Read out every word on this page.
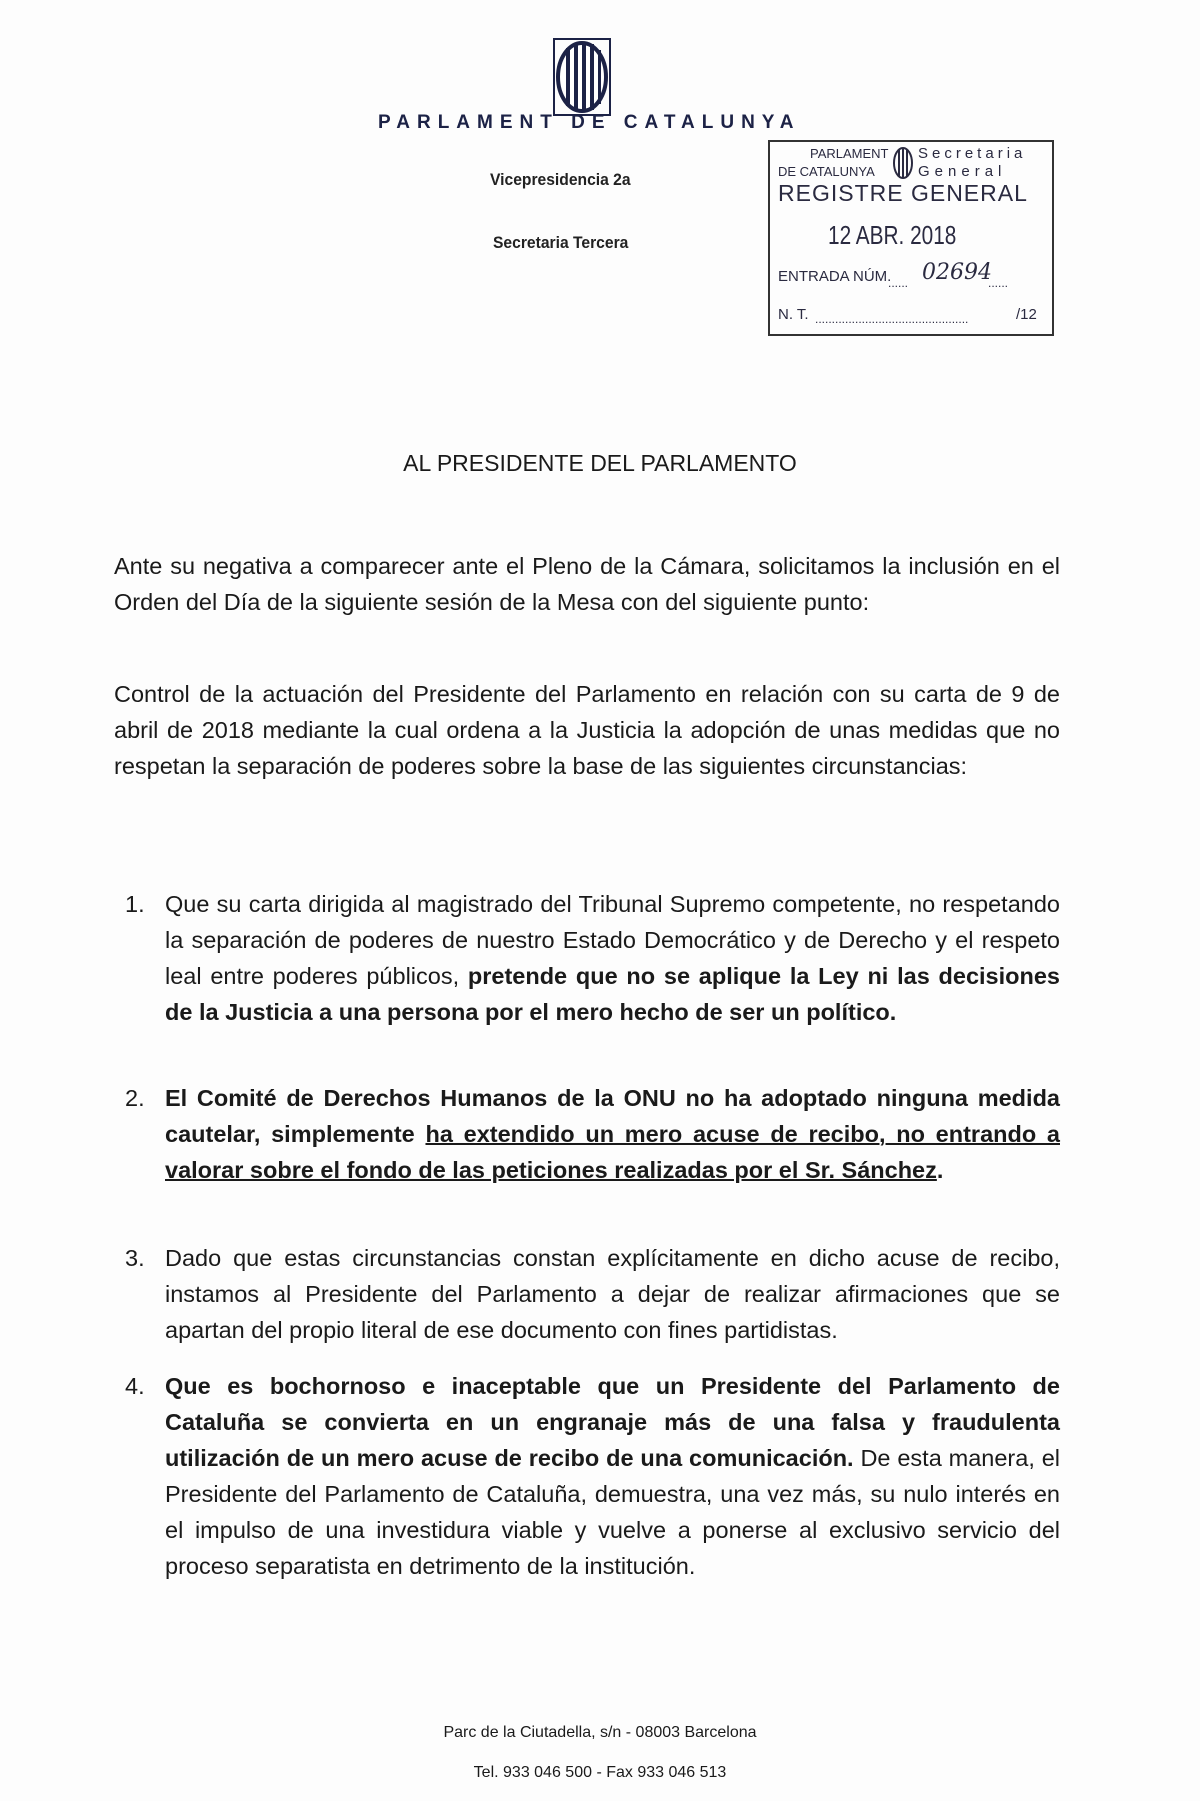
PARLAMENT DE CATALUNYA
Vicepresidencia 2a
Secretaria Tercera
PARLAMENT
DE CATALUNYA
Secretaria
General
REGISTRE GENERAL
12 ABR. 2018
ENTRADA NÚM.
...... 02694
......
N. T. ..............................................	/12
AL PRESIDENTE DEL PARLAMENTO
Ante su negativa a comparecer ante el Pleno de la Cámara, solicitamos la inclusión en el Orden del Día de la siguiente sesión de la Mesa con del siguiente punto:
Control de la actuación del Presidente del Parlamento en relación con su carta de 9 de abril de 2018 mediante la cual ordena a la Justicia la adopción de unas medidas que no respetan la separación de poderes sobre la base de las siguientes circunstancias:
1. Que su carta dirigida al magistrado del Tribunal Supremo competente, no respetando la separación de poderes de nuestro Estado Democrático y de Derecho y el respeto leal entre poderes públicos, pretende que no se aplique la Ley ni las decisiones de la Justicia a una persona por el mero hecho de ser un político.
2. El Comité de Derechos Humanos de la ONU no ha adoptado ninguna medida cautelar, simplemente ha extendido un mero acuse de recibo, no entrando a valorar sobre el fondo de las peticiones realizadas por el Sr. Sánchez.
3. Dado que estas circunstancias constan explícitamente en dicho acuse de recibo, instamos al Presidente del Parlamento a dejar de realizar afirmaciones que se apartan del propio literal de ese documento con fines partidistas.
4. Que es bochornoso e inaceptable que un Presidente del Parlamento de Cataluña se convierta en un engranaje más de una falsa y fraudulenta utilización de un mero acuse de recibo de una comunicación. De esta manera, el Presidente del Parlamento de Cataluña, demuestra, una vez más, su nulo interés en el impulso de una investidura viable y vuelve a ponerse al exclusivo servicio del proceso separatista en detrimento de la institución.
Parc de la Ciutadella, s/n - 08003 Barcelona
Tel. 933 046 500 - Fax 933 046 513
